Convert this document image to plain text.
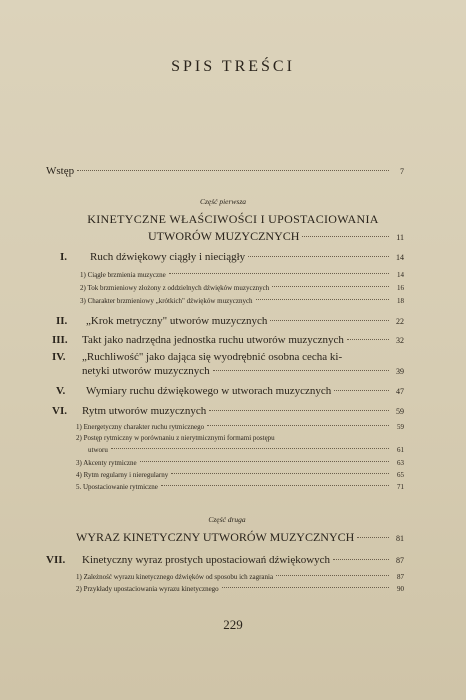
SPIS TREŚCI
Wstęp	7
Część pierwsza
KINETYCZNE WŁAŚCIWOŚCI I UPOSTACIOWANIA
UTWORÓW MUZYCZNYCH	11
I. Ruch dźwiękowy ciągły i nieciągły	14
1) Ciągłe brzmienia muzyczne	14
2) Tok brzmieniowy złożony z oddzielnych dźwięków muzycznych	16
3) Charakter brzmieniowy „krótkich" dźwięków muzycznych	18
II. „Krok metryczny" utworów muzycznych	22
III. Takt jako nadrzędna jednostka ruchu utworów muzycznych	32
IV. „Ruchliwość" jako dająca się wyodrębnić osobna cecha ki-
netyki utworów muzycznych	39
V. Wymiary ruchu dźwiękowego w utworach muzycznych	47
VI. Rytm utworów muzycznych	59
1) Energetyczny charakter ruchu rytmicznego	59
2) Postęp rytmiczny w porównaniu z nierytmicznymi formami postępu
utworu	61
3) Akcenty rytmiczne	63
4) Rytm regularny i nieregularny	65
5. Upostaciowanie rytmiczne	71
Część druga
WYRAZ KINETYCZNY UTWORÓW MUZYCZNYCH	81
VII. Kinetyczny wyraz prostych upostaciowań dźwiękowych	87
1) Zależność wyrazu kinetycznego dźwięków od sposobu ich zagrania	87
2) Przykłady upostaciowania wyrazu kinetycznego	90
229
